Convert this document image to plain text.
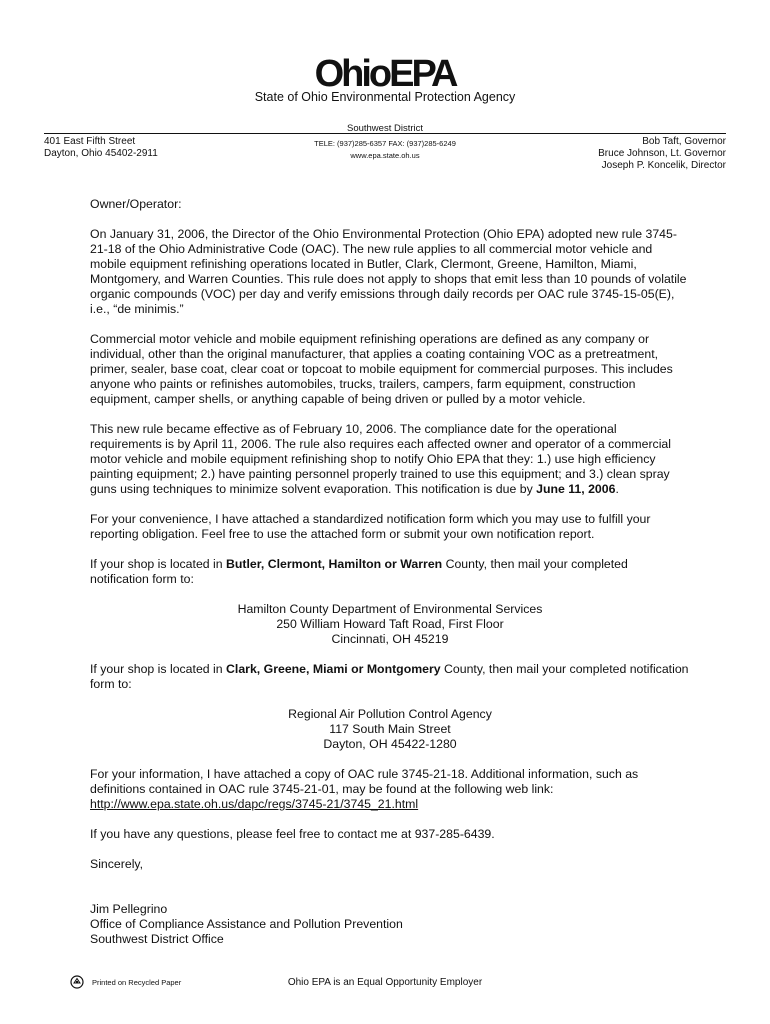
OhioEPA
State of Ohio Environmental Protection Agency
Southwest District
401 East Fifth Street
Dayton, Ohio 45402-2911
TELE: (937)285-6357 FAX: (937)285-6249
www.epa.state.oh.us
Bob Taft, Governor
Bruce Johnson, Lt. Governor
Joseph P. Koncelik, Director

Owner/Operator:

On January 31, 2006, the Director of the Ohio Environmental Protection (Ohio EPA) adopted new rule 3745-21-18 of the Ohio Administrative Code (OAC). The new rule applies to all commercial motor vehicle and mobile equipment refinishing operations located in Butler, Clark, Clermont, Greene, Hamilton, Miami, Montgomery, and Warren Counties. This rule does not apply to shops that emit less than 10 pounds of volatile organic compounds (VOC) per day and verify emissions through daily records per OAC rule 3745-15-05(E), i.e., “de minimis.”

Commercial motor vehicle and mobile equipment refinishing operations are defined as any company or individual, other than the original manufacturer, that applies a coating containing VOC as a pretreatment, primer, sealer, base coat, clear coat or topcoat to mobile equipment for commercial purposes. This includes anyone who paints or refinishes automobiles, trucks, trailers, campers, farm equipment, construction equipment, camper shells, or anything capable of being driven or pulled by a motor vehicle.

This new rule became effective as of February 10, 2006. The compliance date for the operational requirements is by April 11, 2006. The rule also requires each affected owner and operator of a commercial motor vehicle and mobile equipment refinishing shop to notify Ohio EPA that they: 1.) use high efficiency painting equipment; 2.) have painting personnel properly trained to use this equipment; and 3.) clean spray guns using techniques to minimize solvent evaporation. This notification is due by June 11, 2006.

For your convenience, I have attached a standardized notification form which you may use to fulfill your reporting obligation. Feel free to use the attached form or submit your own notification report.

If your shop is located in Butler, Clermont, Hamilton or Warren County, then mail your completed notification form to:

Hamilton County Department of Environmental Services
250 William Howard Taft Road, First Floor
Cincinnati, OH 45219

If your shop is located in Clark, Greene, Miami or Montgomery County, then mail your completed notification form to:

Regional Air Pollution Control Agency
117 South Main Street
Dayton, OH 45422-1280

For your information, I have attached a copy of OAC rule 3745-21-18. Additional information, such as definitions contained in OAC rule 3745-21-01, may be found at the following web link:

http://www.epa.state.oh.us/dapc/regs/3745-21/3745_21.html

If you have any questions, please feel free to contact me at 937-285-6439.

Sincerely,

Jim Pellegrino

Office of Compliance Assistance and Pollution Prevention

Southwest District Office

Printed on Recycled Paper	Ohio EPA is an Equal Opportunity Employer
